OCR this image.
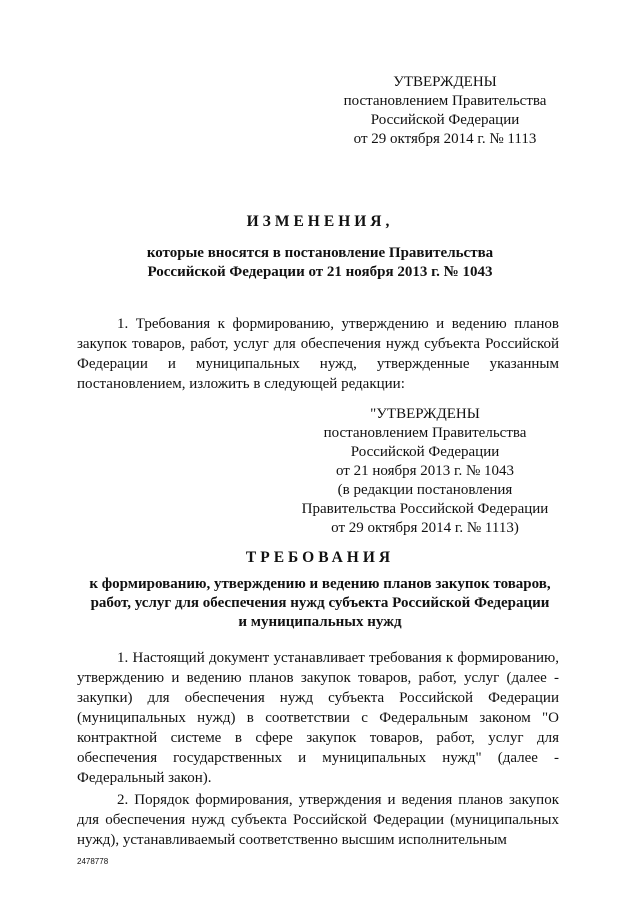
УТВЕРЖДЕНЫ
постановлением Правительства
Российской Федерации
от 29 октября 2014 г. № 1113
ИЗМЕНЕНИЯ,
которые вносятся в постановление Правительства
Российской Федерации от 21 ноября 2013 г. № 1043
1. Требования к формированию, утверждению и ведению планов закупок товаров, работ, услуг для обеспечения нужд субъекта Российской Федерации и муниципальных нужд, утвержденные указанным постановлением, изложить в следующей редакции:
"УТВЕРЖДЕНЫ
постановлением Правительства
Российской Федерации
от 21 ноября 2013 г. № 1043
(в редакции постановления
Правительства Российской Федерации
от 29 октября 2014 г. № 1113)
ТРЕБОВАНИЯ
к формированию, утверждению и ведению планов закупок товаров,
работ, услуг для обеспечения нужд субъекта Российской Федерации
и муниципальных нужд
1. Настоящий документ устанавливает требования к формированию, утверждению и ведению планов закупок товаров, работ, услуг (далее - закупки) для обеспечения нужд субъекта Российской Федерации (муниципальных нужд) в соответствии с Федеральным законом "О контрактной системе в сфере закупок товаров, работ, услуг для обеспечения государственных и муниципальных нужд" (далее - Федеральный закон).
2. Порядок формирования, утверждения и ведения планов закупок для обеспечения нужд субъекта Российской Федерации (муниципальных нужд), устанавливаемый соответственно высшим исполнительным
2478778
